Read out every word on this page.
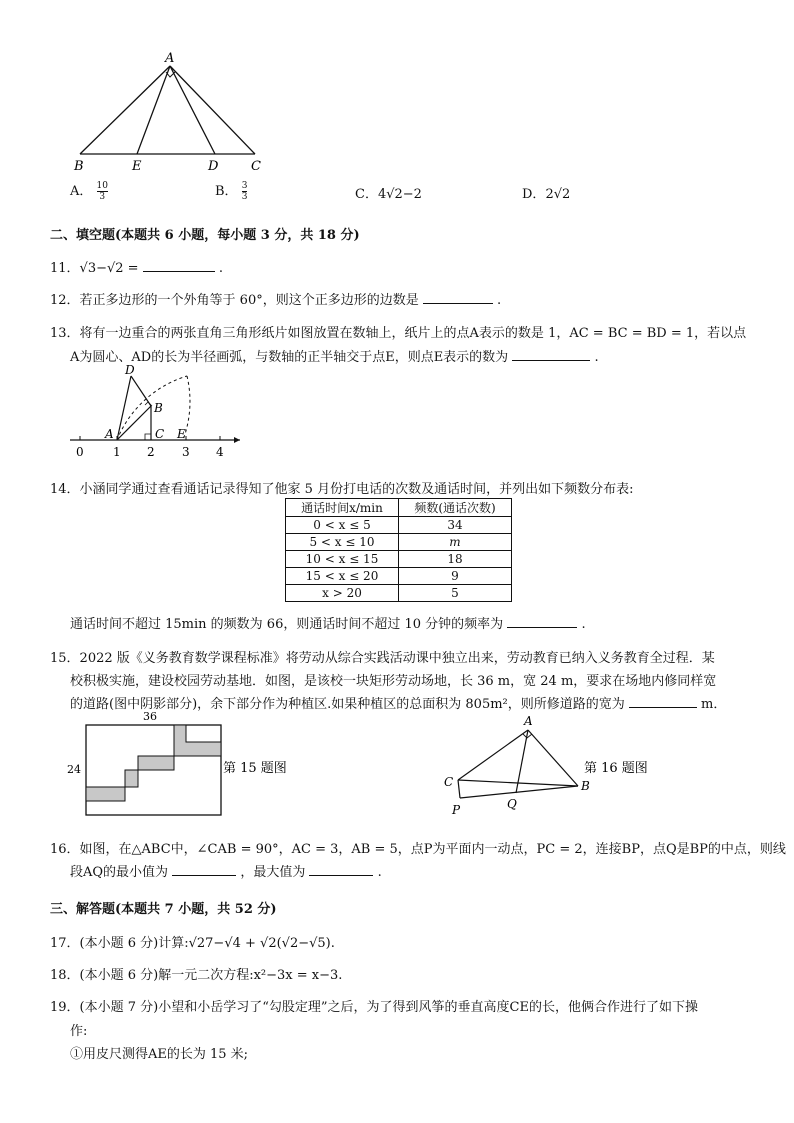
A
B	E	D	C
A． $\frac{10}{3}$	B． $\frac{3}{3}$	C．4√2−2	D．2√2
二、填空题(本题共 6 小题，每小题 3 分，共 18 分)
11．√3−√2 =	.
12．若正多边形的一个外角等于 60°，则这个正多边形的边数是	.
13．将有一边重合的两张直角三角形纸片如图放置在数轴上，纸片上的点A表示的数是 1，AC = BC = BD = 1，若以点
A为圆心、AD的长为半径画弧，与数轴的正半轴交于点E，则点E表示的数为	.
D
B
A	C E
0 1 2 3 4
14．小涵同学通过查看通话记录得知了他家 5 月份打电话的次数及通话时间，并列出如下频数分布表:
通话时间x/min	频数(通话次数)
0 < x ≤ 5	34
5 < x ≤ 10	m
10 < x ≤ 15	18
15 < x ≤ 20	9
x > 20	5
通话时间不超过 15min 的频数为 66，则通话时间不超过 10 分钟的频率为	.
15．2022 版《义务教育数学课程标准》将劳动从综合实践活动课中独立出来，劳动教育已纳入义务教育全过程．某
校积极实施，建设校园劳动基地．如图，是该校一块矩形劳动场地，长 36 m，宽 24 m，要求在场地内修同样宽
的道路(图中阴影部分)，余下部分作为种植区.如果种植区的总面积为 805m²，则所修道路的宽为	m．
36
24	第 15 题图
A
C	B
Q
P
第 16 题图
16．如图，在△ABC中，∠CAB = 90°，AC = 3，AB = 5，点P为平面内一动点，PC = 2，连接BP，点Q是BP的中点，则线
段AQ的最小值为	，最大值为	.
三、解答题(本题共 7 小题，共 52 分)
17．(本小题 6 分)计算:√27−√4 + √2(√2−√5).
18．(本小题 6 分)解一元二次方程:x²−3x = x−3.
19．(本小题 7 分)小望和小岳学习了“勾股定理”之后，为了得到风筝的垂直高度CE的长，他俩合作进行了如下操
作:
①用皮尺测得AE的长为 15 米;
